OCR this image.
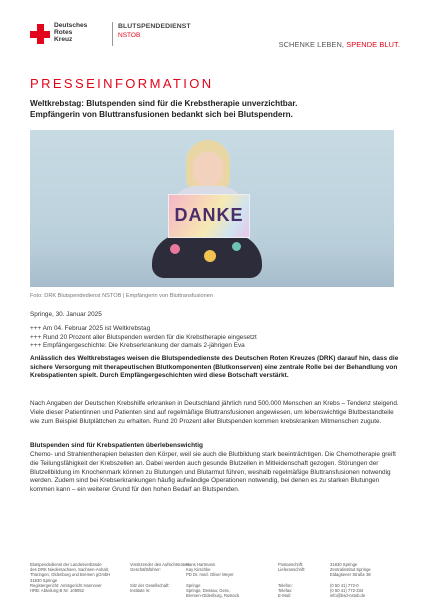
Deutsches
Rotes
Kreuz
BLUTSPENDEDIENST
NSTOB
SCHENKE LEBEN, SPENDE BLUT.
PRESSEINFORMATION
Weltkrebstag: Blutspenden sind für die Krebstherapie unverzichtbar.
Empfängerin von Bluttransfusionen bedankt sich bei Blutspendern.
DANKE
Foto: DRK Blutspendedienst NSTOB | Empfängerin von Bluttransfusionen
Springe, 30. Januar 2025
+++ Am 04. Februar 2025 ist Weltkrebstag
+++ Rund 20 Prozent aller Blutspenden werden für die Krebstherapie eingesetzt
+++ Empfängergeschichte: Die Krebserkrankung der damals 2-jährigen Eva
Anlässlich des Weltkrebstages weisen die Blutspendedienste des Deutschen Roten Kreuzes (DRK) darauf hin, dass die sichere Versorgung mit therapeutischen Blutkomponenten (Blutkonserven) eine zentrale Rolle bei der Behandlung von Krebspatienten spielt. Durch Empfängergeschichten wird diese Botschaft verstärkt.
Nach Angaben der Deutschen Krebshilfe erkranken in Deutschland jährlich rund 500.000 Menschen an Krebs – Tendenz steigend. Viele dieser Patientinnen und Patienten sind auf regelmäßige Bluttransfusionen angewiesen, um lebenswichtige Blutbestandteile wie zum Beispiel Blutplättchen zu erhalten. Rund 20 Prozent aller Blutspenden kommen krebskranken Mitmenschen zugute.
Blutspenden sind für Krebspatienten überlebenswichtig
Chemo- und Strahlentherapien belasten den Körper, weil sie auch die Blutbildung stark beeinträchtigen. Die Chemotherapie greift die Teilungsfähigkeit der Krebszellen an. Dabei werden auch gesunde Blutzellen in Mitleidenschaft gezogen. Störungen der Blutzellbildung im Knochenmark können zu Blutungen und Blutarmut führen, weshalb regelmäßige Bluttransfusionen notwendig werden. Zudem sind bei Krebserkrankungen häufig aufwändige Operationen notwendig, bei denen es zu starken Blutungen kommen kann – ein weiterer Grund für den hohen Bedarf an Blutspenden.
Blutspendedienst der Landesverbände
des DRK Niedersachsen, Sachsen-Anhalt,
Thüringen, Oldenburg und Bremen gGmbH
31830 Springe
Registergericht: Amtsgericht Hannover
HRB: Abteilung B Nr. 109052
Vorsitzender des Aufsichtsrates:
Geschäftsführer:

Sitz der Gesellschaft:
Institute in:
Hans Hartmann
Kay Kirschke
PD Dr. med. Oliver Meyer

Springe
Springe, Dessau, Gera,
Bremen-Oldenburg, Rostock
Postanschrift:
Lieferanschrift:

Telefon:
Telefax:
E-Mail:
31830 Springe
Zentralinstitut Springe
Eldagsener Straße 38

(0 50 41) 772-0
(0 50 41) 772-334
info@bsd-nstob.de
